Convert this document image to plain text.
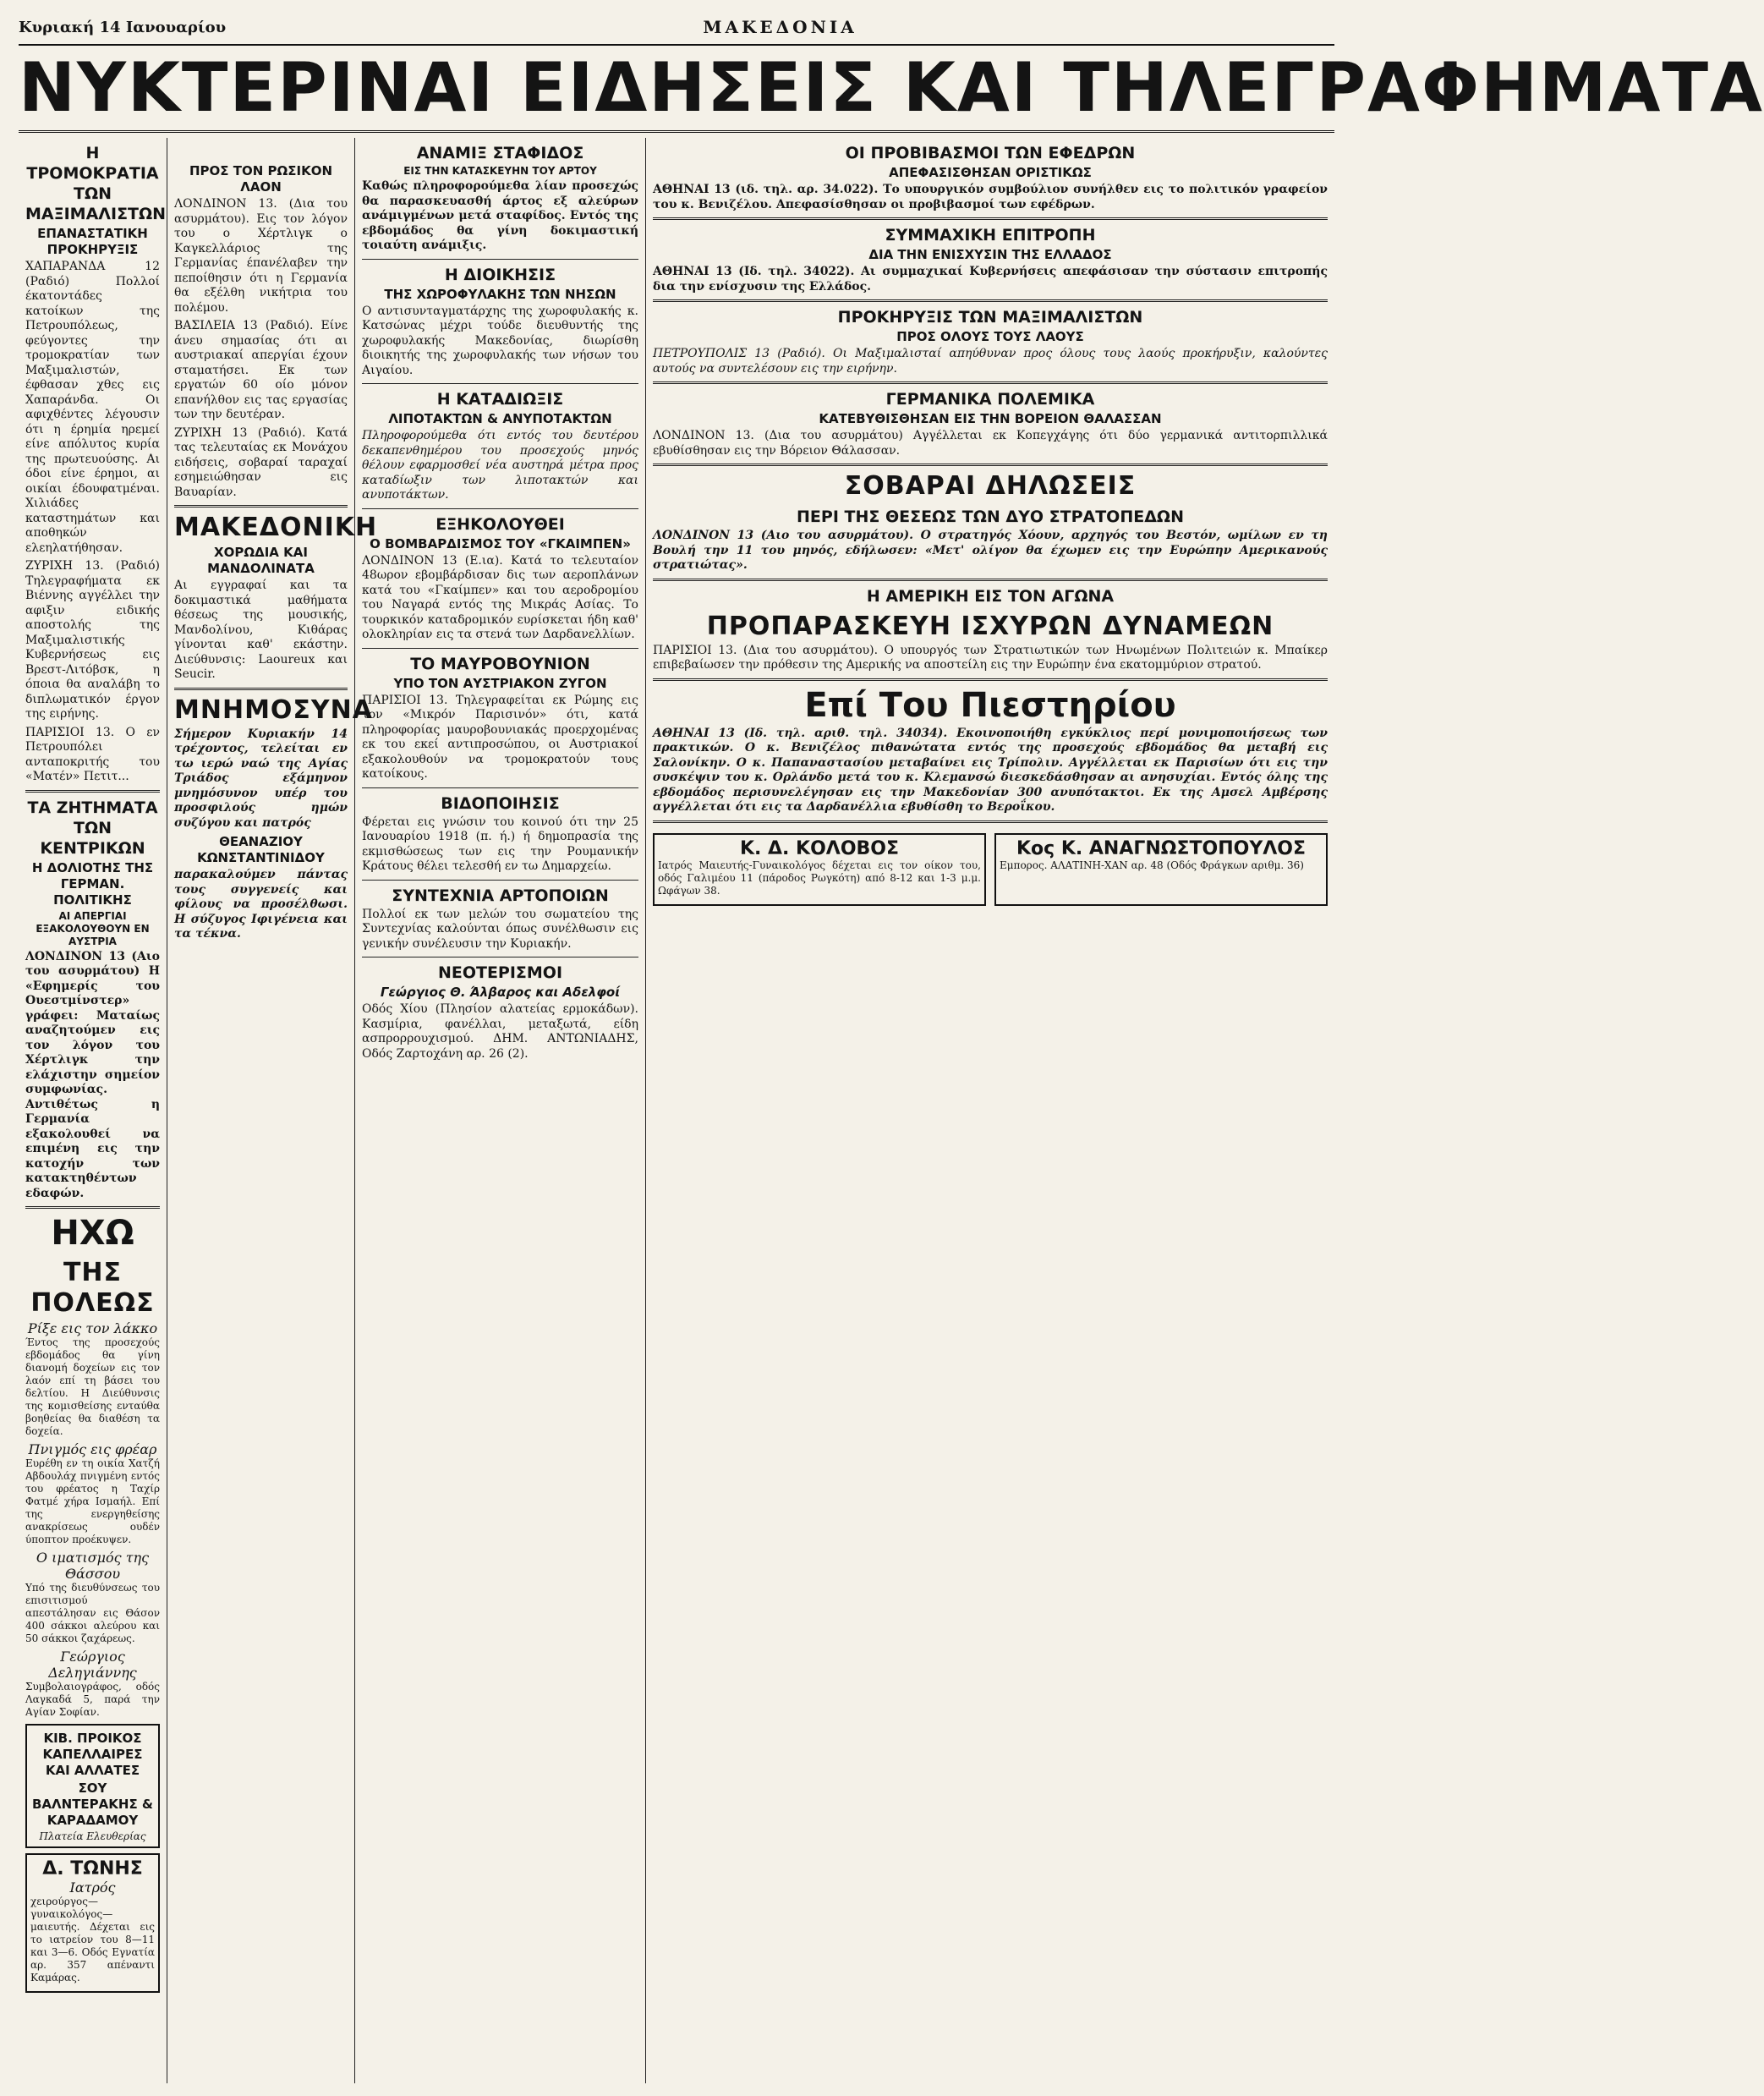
Κυριακή 14 Ιανουαρίου	ΜΑΚΕΔΟΝΙΑ
ΝΥΚΤΕΡΙΝΑΙ ΕΙΔΗΣΕΙΣ ΚΑΙ ΤΗΛΕΓΡΑΦΗΜΑΤΑ
Η ΤΡΟΜΟΚΡΑΤΙΑ ΤΩΝ ΜΑΞΙΜΑΛΙΣΤΩΝ
ΕΠΑΝΑΣΤΑΤΙΚΗ ΠΡΟΚΗΡΥΞΙΣ

ΧΑΠΑΡΑΝΔΑ 12 (Ραδιό) Πολλοί έκατοντάδες κατοίκων της Πετρουπόλεως, φεύγοντες την τρομοκρατίαν των Μαξιμαλιστών, έφθασαν χθες εις Χαπαράνδα. Οι αφιχθέντες λέγουσιν ότι η έρημία ηρεμεί είνε απόλυτος κυρία της πρωτευούσης. Αι όδοι είνε έρημοι, αι οικίαι έδουφατμέναι. Χιλιάδες καταστημάτων και αποθηκών ελεηλατήθησαν.

ΖΥΡΙΧΗ 13. (Ραδιό) Τηλεγραφήματα εκ Βιέννης αγγέλλει την αφιξιν ειδικής αποστολής της Μαξιμαλιστικής Κυβερνήσεως εις Βρεστ-Λιτόβσκ, η όποια θα αναλάβη το διπλωματικόν έργον της ειρήνης.

ΠΑΡΙΣΙΟΙ 13. Ο εν Πετρουπόλει ανταποκριτής του «Ματέν» Πετιτ...

ΤΑ ΖΗΤΗΜΑΤΑ ΤΩΝ ΚΕΝΤΡΙΚΩΝ
Η ΔΟΛΙΟΤΗΣ ΤΗΣ ΓΕΡΜΑΝ. ΠΟΛΙΤΙΚΗΣ
ΑΙ ΑΠΕΡΓΙΑΙ ΕΞΑΚΟΛΟΥΘΟΥΝ ΕΝ ΑΥΣΤΡΙΑ

ΛΟΝΔΙΝΟΝ 13 (Αιο του ασυρμάτου) Η «Εφημερίς του Ουεστμίνστερ» γράφει: Ματαίως αναζητούμεν εις τον λόγον του Χέρτλιγκ την ελάχιστην σημείον συμφωνίας. Αντιθέτως η Γερμανία εξακολουθεί να επιμένη εις την κατοχήν των κατακτηθέντων εδαφών.

ΗΧΩ
ΤΗΣ ΠΟΛΕΩΣ
Ρίξε εις τον λάκκο

Έντος της προσεχούς εβδομάδος θα γίνη διανομή δοχείων εις τον λαόν επί τη βάσει του δελτίου. Η Διεύθυνσις της κομισθείσης ενταύθα βοηθείας θα διαθέση τα δοχεία.

Πνιγμός εις φρέαρ

Ευρέθη εν τη οικία Χατζή Αβδουλάχ πνιγμένη εντός του φρέατος η Ταχίρ Φατμέ χήρα Ισμαήλ. Επί της ενεργηθείσης ανακρίσεως ουδέν ύποπτον προέκυψεν.

Ο ιματισμός της Θάσσου

Υπό της διευθύνσεως του επισιτισμού απεστάλησαν εις Θάσον 400 σάκκοι αλεύρου και 50 σάκκοι ζαχάρεως.

Γεώργιος Δεληγιάννης

Συμβολαιογράφος, οδός Λαγκαδά 5, παρά την Αγίαν Σοφίαν.

ΚΙΒ. ΠΡΟΙΚΟΣ ΚΑΠΕΛΛΑΙΡΕΣ ΚΑΙ ΑΛΛΑΤΕΣ
ΣΟΥ ΒΑΛΝΤΕΡΑΚΗΣ & ΚΑΡΑΔΑΜΟΥ
Πλατεία Ελευθερίας
Δ. ΤΩΝΗΣ
Ιατρός

χειρούργος—γυναικολόγος—μαιευτής. Δέχεται εις το ιατρείον του 8—11 και 3—6. Οδός Εγνατία αρ. 357 απέναντι Καμάρας.

ΠΡΟΣ ΤΟΝ ΡΩΣΙΚΟΝ ΛΑΟΝ

ΛΟΝΔΙΝΟΝ 13. (Δια του ασυρμάτου). Εις τον λόγον του ο Χέρτλιγκ ο Καγκελλάριος της Γερμανίας έπανέλαβεν την πεποίθησιν ότι η Γερμανία θα εξέλθη νικήτρια του πολέμου.

ΒΑΣΙΛΕΙΑ 13 (Ραδιό). Είνε άνευ σημασίας ότι αι αυστριακαί απεργίαι έχουν σταματήσει. Εκ των εργατών 60 οίο μόνον επανήλθον εις τας εργασίας των την δευτέραν.

ΖΥΡΙΧΗ 13 (Ραδιό). Κατά τας τελευταίας εκ Μονάχου ειδήσεις, σοβαραί ταραχαί εσημειώθησαν εις Βαυαρίαν.

ΜΑΚΕΔΟΝΙΚΗ
ΧΟΡΩΔΙΑ ΚΑΙ ΜΑΝΔΟΛΙΝΑΤΑ

Αι εγγραφαί και τα δοκιμαστικά μαθήματα θέσεως της μουσικής, Μανδολίνου, Κιθάρας γίνονται καθ' εκάστην. Διεύθυνσις: Laoureux και Seucir.

ΜΝΗΜΟΣΥΝΑ

Σήμερον Κυριακήν 14 τρέχοντος, τελείται εν τω ιερώ ναώ της Αγίας Τριάδος εξάμηνον μνημόσυνον υπέρ του προσφιλούς ημών συζύγου και πατρός

ΘΕΑΝΑΖΙΟΥ ΚΩΝΣΤΑΝΤΙΝΙΔΟΥ

παρακαλούμεν πάντας τους συγγενείς και φίλους να προσέλθωσι. Η σύζυγος Ιφιγένεια και τα τέκνα.

ΑΝΑΜΙΞ ΣΤΑΦΙΔΟΣ
ΕΙΣ ΤΗΝ ΚΑΤΑΣΚΕΥΗΝ ΤΟΥ ΑΡΤΟΥ

Καθώς πληροφορούμεθα λίαν προσεχώς θα παρασκευασθή άρτος εξ αλεύρων ανάμιγμένων μετά σταφίδος. Εντός της εβδομάδος θα γίνη δοκιμαστική τοιαύτη ανάμιξις.

Η ΔΙΟΙΚΗΣΙΣ
ΤΗΣ ΧΩΡΟΦΥΛΑΚΗΣ ΤΩΝ ΝΗΣΩΝ

Ο αντισυνταγματάρχης της χωροφυλακής κ. Κατσώνας μέχρι τούδε διευθυντής της χωροφυλακής Μακεδονίας, διωρίσθη διοικητής της χωροφυλακής των νήσων του Αιγαίου.

Η ΚΑΤΑΔΙΩΞΙΣ
ΛΙΠΟΤΑΚΤΩΝ & ΑΝΥΠΟΤΑΚΤΩΝ

Πληροφορούμεθα ότι εντός του δευτέρου δεκαπενθημέρου του προσεχούς μηνός θέλουν εφαρμοσθεί νέα αυστηρά μέτρα προς καταδίωξιν των λιποτακτών και ανυποτάκτων.

ΕΞΗΚΟΛΟΥΘΕΙ
Ο ΒΟΜΒΑΡΔΙΣΜΟΣ ΤΟΥ «ΓΚΑΙΜΠΕΝ»

ΛΟΝΔΙΝΟΝ 13 (Ε.ια). Κατά το τελευταίον 48ωρον εβομβάρδισαν δις των αεροπλάνων κατά του «Γκαίμπεν» και του αεροδρομίου του Ναγαρά εντός της Μικράς Ασίας. Το τουρκικόν καταδρομικόν ευρίσκεται ήδη καθ' ολοκληρίαν εις τα στενά των Δαρδανελλίων.

ΤΟ ΜΑΥΡΟΒΟΥΝΙΟΝ
ΥΠΟ ΤΟΝ ΑΥΣΤΡΙΑΚΟΝ ΖΥΓΟΝ

ΠΑΡΙΣΙΟΙ 13. Τηλεγραφείται εκ Ρώμης εις τον «Μικρόν Παρισινόν» ότι, κατά πληροφορίας μαυροβουνιακάς προερχομένας εκ του εκεί αντιπροσώπου, οι Αυστριακοί εξακολουθούν να τρομοκρατούν τους κατοίκους.

ΒΙΔΟΠΟΙΗΣΙΣ

Φέρεται εις γνώσιν του κοινού ότι την 25 Ιανουαρίου 1918 (π. ή.) ή δημοπρασία της εκμισθώσεως των εις την Ρουμανικήν Κράτους θέλει τελεσθή εν τω Δημαρχείω.

ΣΥΝΤΕΧΝΙΑ ΑΡΤΟΠΟΙΩΝ

Πολλοί εκ των μελών του σωματείου της Συντεχνίας καλούνται όπως συνέλθωσιν εις γενικήν συνέλευσιν την Κυριακήν.

ΝΕΟΤΕΡΙΣΜΟΙ
Γεώργιος Θ. Άλβαρος και Αδελφοί

Οδός Χίου (Πλησίον αλατείας ερμοκάδων). Κασμίρια, φανέλλαι, μεταξωτά, είδη ασπρορρουχισμού. ΔΗΜ. ΑΝΤΩΝΙΑΔΗΣ, Οδός Ζαρτοχάνη αρ. 26 (2).

ΟΙ ΠΡΟΒΙΒΑΣΜΟΙ ΤΩΝ ΕΦΕΔΡΩΝ
ΑΠΕΦΑΣΙΣΘΗΣΑΝ ΟΡΙΣΤΙΚΩΣ

ΑΘΗΝΑΙ 13 (ιδ. τηλ. αρ. 34.022). Το υπουργικόν συμβούλιον συνήλθεν εις το πολιτικόν γραφείον του κ. Βενιζέλου. Απεφασίσθησαν οι προβιβασμοί των εφέδρων.

ΣΥΜΜΑΧΙΚΗ ΕΠΙΤΡΟΠΗ
ΔΙΑ ΤΗΝ ΕΝΙΣΧΥΣΙΝ ΤΗΣ ΕΛΛΑΔΟΣ

ΑΘΗΝΑΙ 13 (Ιδ. τηλ. 34022). Αι συμμαχικαί Κυβερνήσεις απεφάσισαν την σύστασιν επιτροπής δια την ενίσχυσιν της Ελλάδος.

ΠΡΟΚΗΡΥΞΙΣ ΤΩΝ ΜΑΞΙΜΑΛΙΣΤΩΝ
ΠΡΟΣ ΟΛΟΥΣ ΤΟΥΣ ΛΑΟΥΣ

ΠΕΤΡΟΥΠΟΛΙΣ 13 (Ραδιό). Οι Μαξιμαλισταί απηύθυναν προς όλους τους λαούς προκήρυξιν, καλούντες αυτούς να συντελέσουν εις την ειρήνην.

ΓΕΡΜΑΝΙΚΑ ΠΟΛΕΜΙΚΑ
ΚΑΤΕΒΥΘΙΣΘΗΣΑΝ ΕΙΣ ΤΗΝ ΒΟΡΕΙΟΝ ΘΑΛΑΣΣΑΝ

ΛΟΝΔΙΝΟΝ 13. (Δια του ασυρμάτου) Αγγέλλεται εκ Κοπεγχάγης ότι δύο γερμανικά αντιτορπιλλικά εβυθίσθησαν εις την Βόρειον Θάλασσαν.

ΣΟΒΑΡΑΙ ΔΗΛΩΣΕΙΣ
ΠΕΡΙ ΤΗΣ ΘΕΣΕΩΣ ΤΩΝ ΔΥΟ ΣΤΡΑΤΟΠΕΔΩΝ

ΛΟΝΔΙΝΟΝ 13 (Αιο του ασυρμάτου). Ο στρατηγός Χόουν, αρχηγός του Βεστόν, ωμίλων εν τη Βουλή την 11 του μηνός, εδήλωσεν: «Μετ' ολίγον θα έχωμεν εις την Ευρώπην Αμερικανούς στρατιώτας».

Η ΑΜΕΡΙΚΗ ΕΙΣ ΤΟΝ ΑΓΩΝΑ
ΠΡΟΠΑΡΑΣΚΕΥΗ ΙΣΧΥΡΩΝ ΔΥΝΑΜΕΩΝ

ΠΑΡΙΣΙΟΙ 13. (Δια του ασυρμάτου). Ο υπουργός των Στρατιωτικών των Ηνωμένων Πολιτειών κ. Μπαίκερ επιβεβαίωσεν την πρόθεσιν της Αμερικής να αποστείλη εις την Ευρώπην ένα εκατομμύριον στρατού.

Επί Του Πιεστηρίου

ΑΘΗΝΑΙ 13 (Ιδ. τηλ. αριθ. τηλ. 34034). Εκοινοποιήθη εγκύκλιος περί μονιμοποιήσεως των πρακτικών. Ο κ. Βενιζέλος πιθανώτατα εντός της προσεχούς εβδομάδος θα μεταβή εις Σαλονίκην. Ο κ. Παπαναστασίου μεταβαίνει εις Τρίπολιν. Αγγέλλεται εκ Παρισίων ότι εις την συσκέψιν του κ. Ορλάνδο μετά του κ. Κλεμανσώ διεσκεδάσθησαν αι ανησυχίαι. Εντός όλης της εβδομάδος περισυνελέγησαν εις την Μακεδονίαν 300 ανυπότακτοι. Εκ της Αμσελ Αμβέρσης αγγέλλεται ότι εις τα Δαρδανέλλια εβυθίσθη το Βεροΐκου.

Κ. Δ. ΚΟΛΟΒΟΣ

Ιατρός Μαιευτής-Γυναικολόγος δέχεται εις τον οίκον του, οδός Γαλιμέου 11 (πάροδος Ρωγκότη) από 8-12 και 1-3 μ.μ. Ωφάγων 38.

Κος Κ. ΑΝΑΓΝΩΣΤΟΠΟΥΛΟΣ

Εμπορος. ΑΛΑΤΙΝΗ-ΧΑΝ αρ. 48 (Οδός Φράγκων αριθμ. 36)
